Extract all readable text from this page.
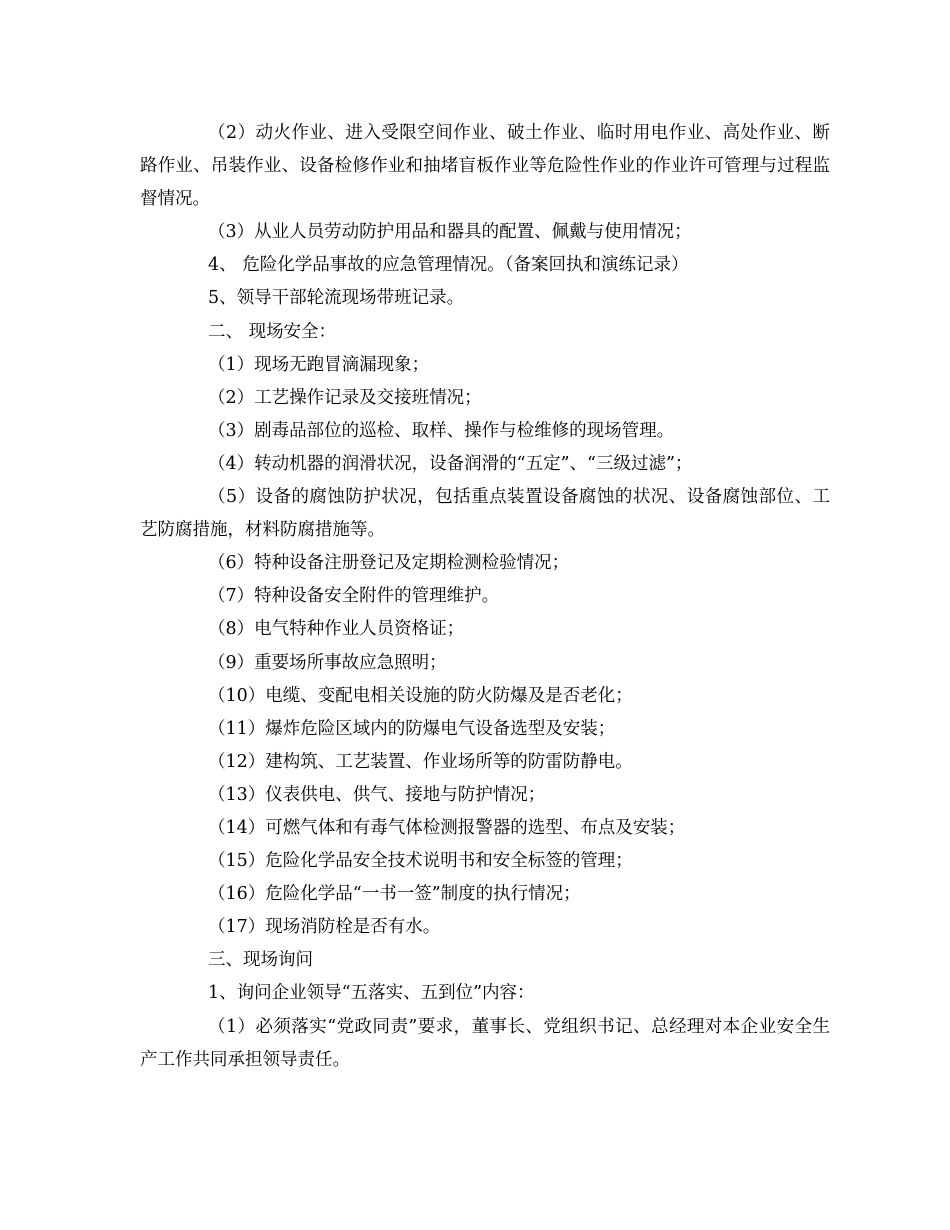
（2）动火作业、进入受限空间作业、破土作业、临时用电作业、高处作业、断路作业、吊装作业、设备检修作业和抽堵盲板作业等危险性作业的作业许可管理与过程监督情况。

（3）从业人员劳动防护用品和器具的配置、佩戴与使用情况；

4、 危险化学品事故的应急管理情况。（备案回执和演练记录）

5、领导干部轮流现场带班记录。

二、 现场安全：

（1）现场无跑冒滴漏现象；

（2）工艺操作记录及交接班情况；

（3）剧毒品部位的巡检、取样、操作与检维修的现场管理。

（4）转动机器的润滑状况，设备润滑的“五定”、“三级过滤”；

（5）设备的腐蚀防护状况，包括重点装置设备腐蚀的状况、设备腐蚀部位、工艺防腐措施，材料防腐措施等。

（6）特种设备注册登记及定期检测检验情况；

（7）特种设备安全附件的管理维护。

（8）电气特种作业人员资格证；

（9）重要场所事故应急照明；

（10）电缆、变配电相关设施的防火防爆及是否老化；

（11）爆炸危险区域内的防爆电气设备选型及安装；

（12）建构筑、工艺装置、作业场所等的防雷防静电。

（13）仪表供电、供气、接地与防护情况；

（14）可燃气体和有毒气体检测报警器的选型、布点及安装；

（15）危险化学品安全技术说明书和安全标签的管理；

（16）危险化学品“一书一签”制度的执行情况；

（17）现场消防栓是否有水。

三、现场询问

1、询问企业领导“五落实、五到位”内容：

（1）必须落实“党政同责”要求，董事长、党组织书记、总经理对本企业安全生产工作共同承担领导责任。
